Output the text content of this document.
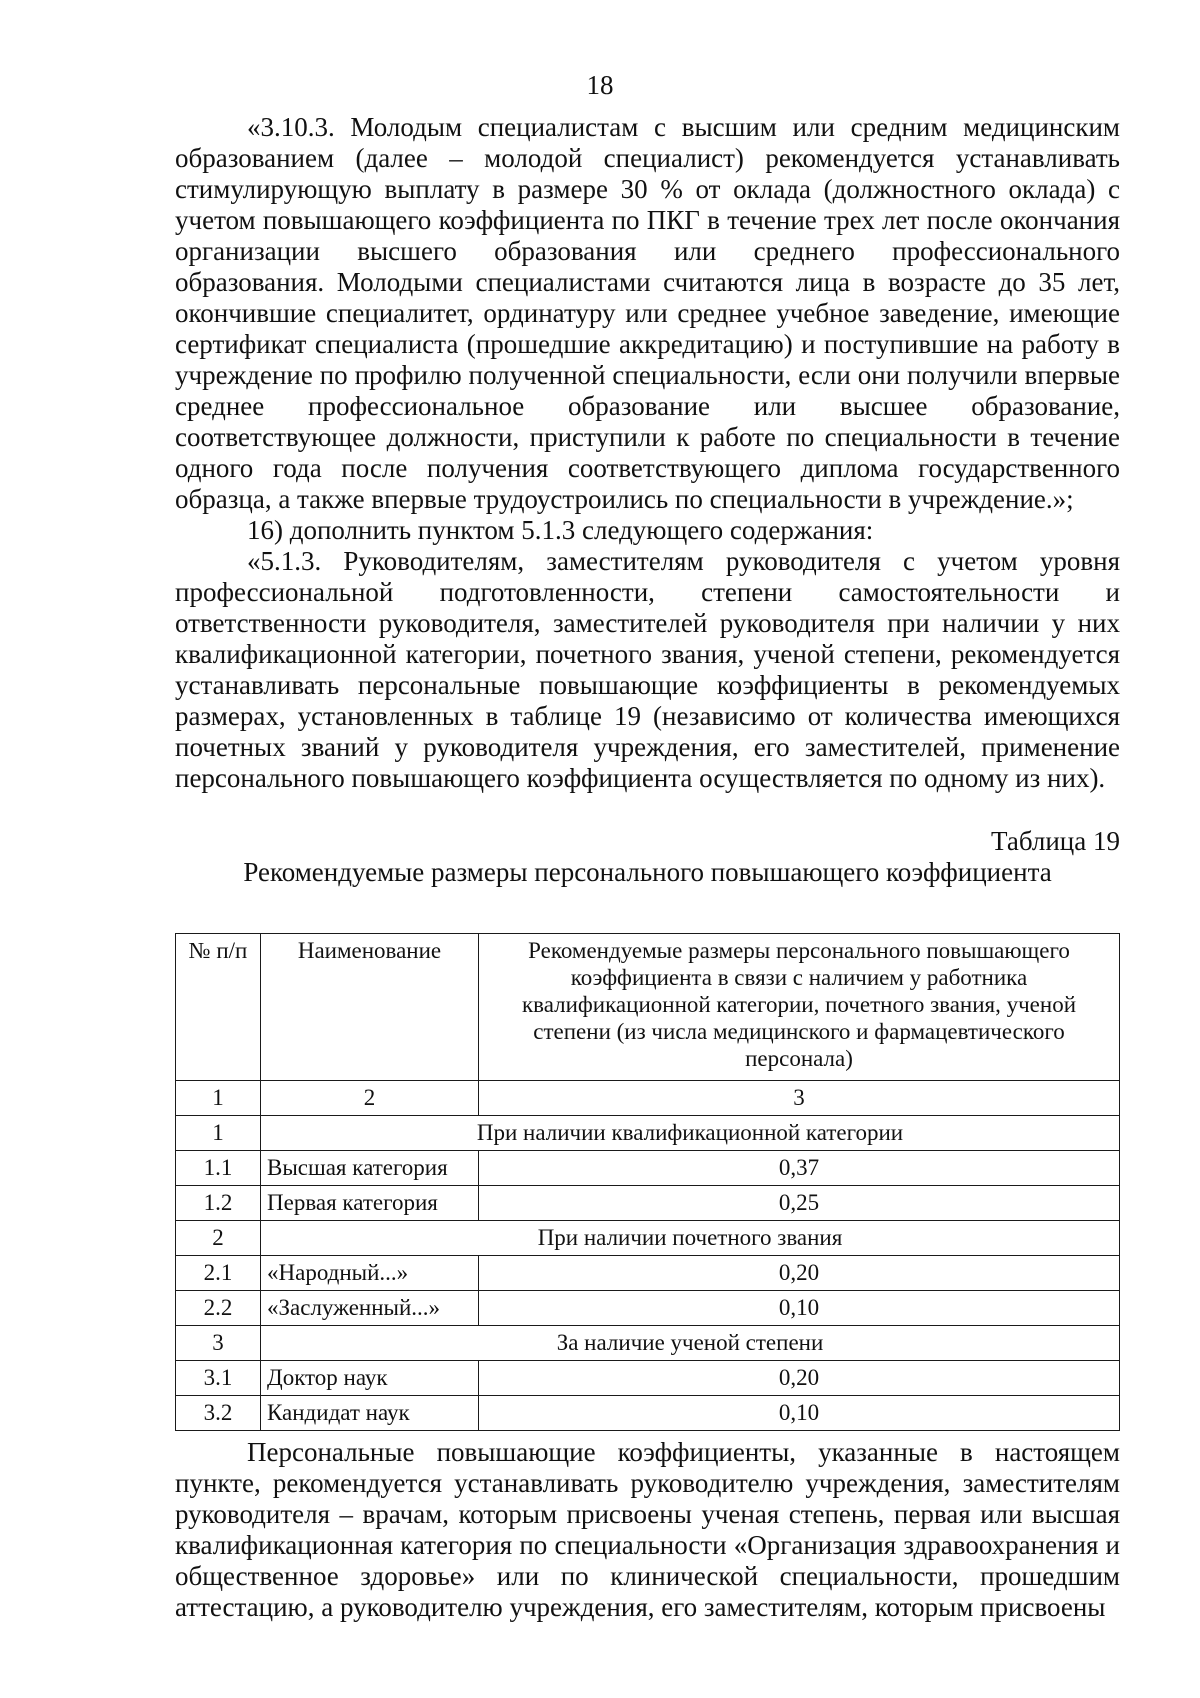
18

«3.10.3. Молодым специалистам с высшим или средним медицинским образованием (далее – молодой специалист) рекомендуется устанавливать стимулирующую выплату в размере 30 % от оклада (должностного оклада) с учетом повышающего коэффициента по ПКГ в течение трех лет после окончания организации высшего образования или среднего профессионального образования. Молодыми специалистами считаются лица в возрасте до 35 лет, окончившие специалитет, ординатуру или среднее учебное заведение, имеющие сертификат специалиста (прошедшие аккредитацию) и поступившие на работу в учреждение по профилю полученной специальности, если они получили впервые среднее профессиональное образование или высшее образование, соответствующее должности, приступили к работе по специальности в течение одного года после получения соответствующего диплома государственного образца, а также впервые трудоустроились по специальности в учреждение.»;

16) дополнить пунктом 5.1.3 следующего содержания:

«5.1.3. Руководителям, заместителям руководителя с учетом уровня профессиональной подготовленности, степени самостоятельности и ответственности руководителя, заместителей руководителя при наличии у них квалификационной категории, почетного звания, ученой степени, рекомендуется устанавливать персональные повышающие коэффициенты в рекомендуемых размерах, установленных в таблице 19 (независимо от количества имеющихся почетных званий у руководителя учреждения, его заместителей, применение персонального повышающего коэффициента осуществляется по одному из них).

Таблица 19
Рекомендуемые размеры персонального повышающего коэффициента
№ п/п	Наименование	Рекомендуемые размеры персонального повышающего коэффициента в связи с наличием у работника квалификационной категории, почетного звания, ученой степени (из числа медицинского и фармацевтического персонала)
1	2	3
1	При наличии квалификационной категории	
1.1	Высшая категория	0,37
1.2	Первая категория	0,25
2	При наличии почетного звания	
2.1	«Народный...»	0,20
2.2	«Заслуженный...»	0,10
3	За наличие ученой степени	
3.1	Доктор наук	0,20
3.2	Кандидат наук	0,10

Персональные повышающие коэффициенты, указанные в настоящем пункте, рекомендуется устанавливать руководителю учреждения, заместителям руководителя – врачам, которым присвоены ученая степень, первая или высшая квалификационная категория по специальности «Организация здравоохранения и общественное здоровье» или по клинической специальности, прошедшим аттестацию, а руководителю учреждения, его заместителям, которым присвоены
